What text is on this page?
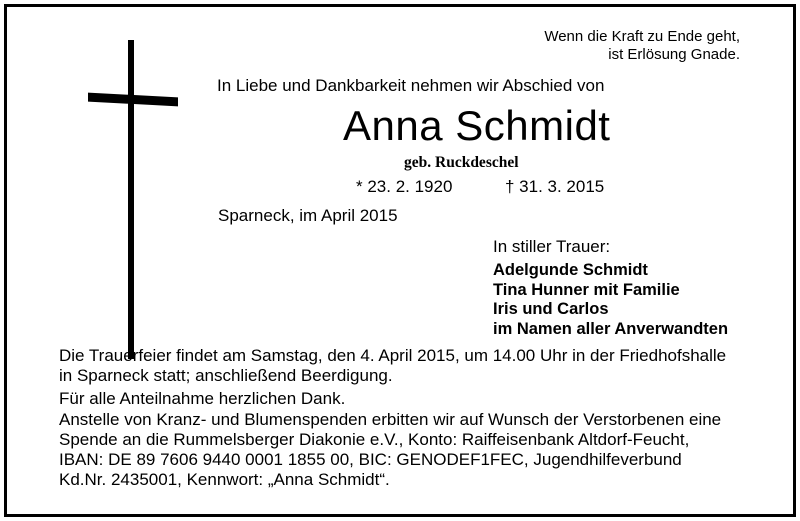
Wenn die Kraft zu Ende geht,
ist Erlösung Gnade.
In Liebe und Dankbarkeit nehmen wir Abschied von
Anna Schmidt
geb. Ruckdeschel
* 23. 2. 1920	† 31. 3. 2015
Sparneck, im April 2015
In stiller Trauer:
Adelgunde Schmidt
Tina Hunner mit Familie
Iris und Carlos
im Namen aller Anverwandten
Die Trauerfeier findet am Samstag, den 4. April 2015, um 14.00 Uhr in der Friedhofshalle
in Sparneck statt; anschließend Beerdigung.
Für alle Anteilnahme herzlichen Dank.
Anstelle von Kranz- und Blumenspenden erbitten wir auf Wunsch der Verstorbenen eine
Spende an die Rummelsberger Diakonie e.V., Konto: Raiffeisenbank Altdorf-Feucht,
IBAN: DE 89 7606 9440 0001 1855 00, BIC: GENODEF1FEC, Jugendhilfeverbund
Kd.Nr. 2435001, Kennwort: „Anna Schmidt“.
